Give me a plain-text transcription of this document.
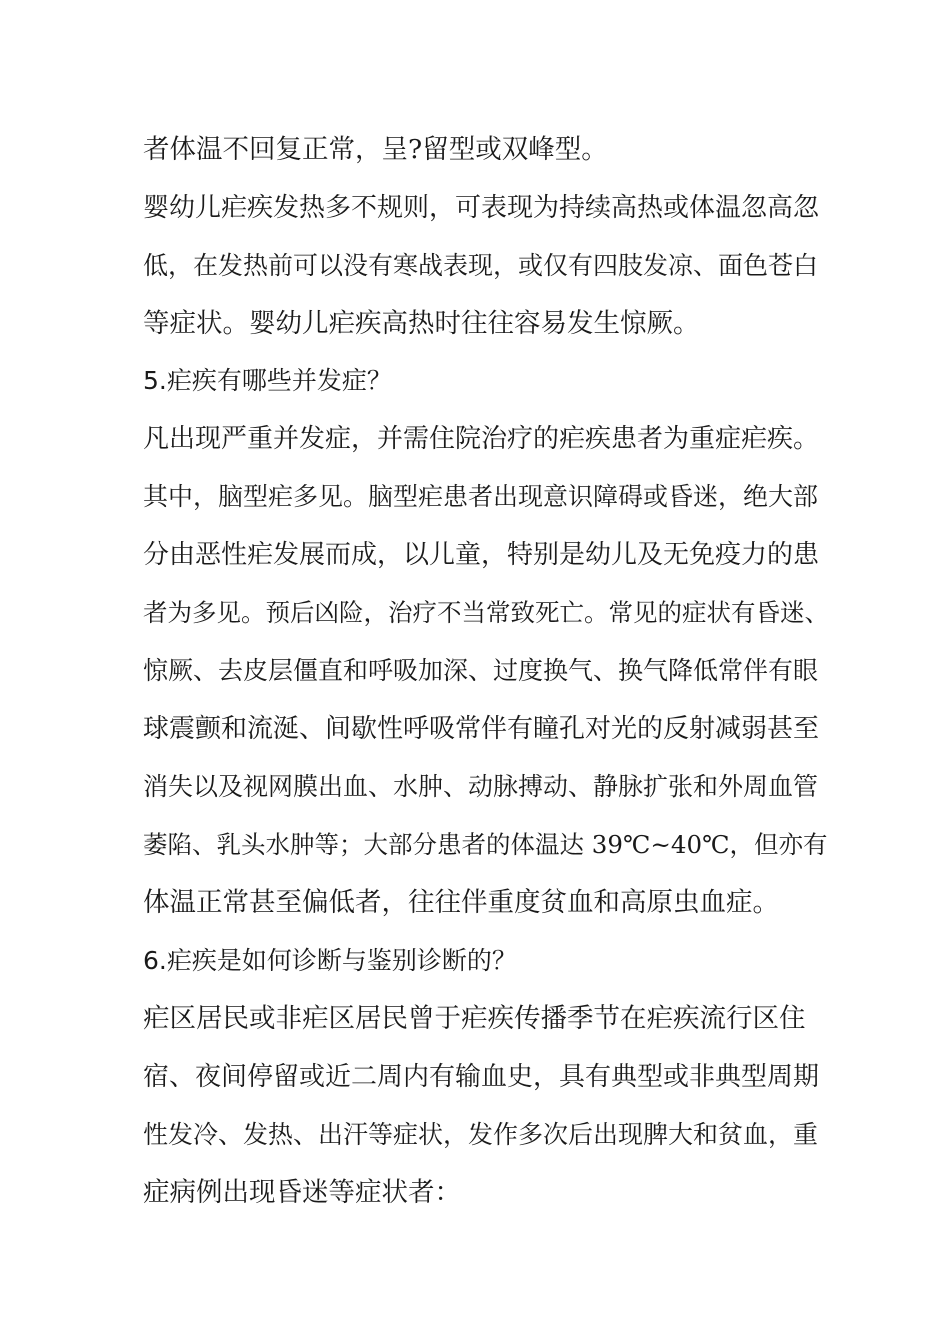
者体温不回复正常，呈?留型或双峰型。
婴幼儿疟疾发热多不规则，可表现为持续高热或体温忽高忽
低，在发热前可以没有寒战表现，或仅有四肢发凉、面色苍白
等症状。婴幼儿疟疾高热时往往容易发生惊厥。
5.疟疾有哪些并发症？
凡出现严重并发症，并需住院治疗的疟疾患者为重症疟疾。
其中，脑型疟多见。脑型疟患者出现意识障碍或昏迷，绝大部
分由恶性疟发展而成，以儿童，特别是幼儿及无免疫力的患
者为多见。预后凶险，治疗不当常致死亡。常见的症状有昏迷、
惊厥、去皮层僵直和呼吸加深、过度换气、换气降低常伴有眼
球震颤和流涎、间歇性呼吸常伴有瞳孔对光的反射减弱甚至
消失以及视网膜出血、水肿、动脉搏动、静脉扩张和外周血管
萎陷、乳头水肿等；大部分患者的体温达 39℃~40℃，但亦有
体温正常甚至偏低者，往往伴重度贫血和高原虫血症。
6.疟疾是如何诊断与鉴别诊断的？
疟区居民或非疟区居民曾于疟疾传播季节在疟疾流行区住
宿、夜间停留或近二周内有输血史，具有典型或非典型周期
性发冷、发热、出汗等症状，发作多次后出现脾大和贫血，重
症病例出现昏迷等症状者：
